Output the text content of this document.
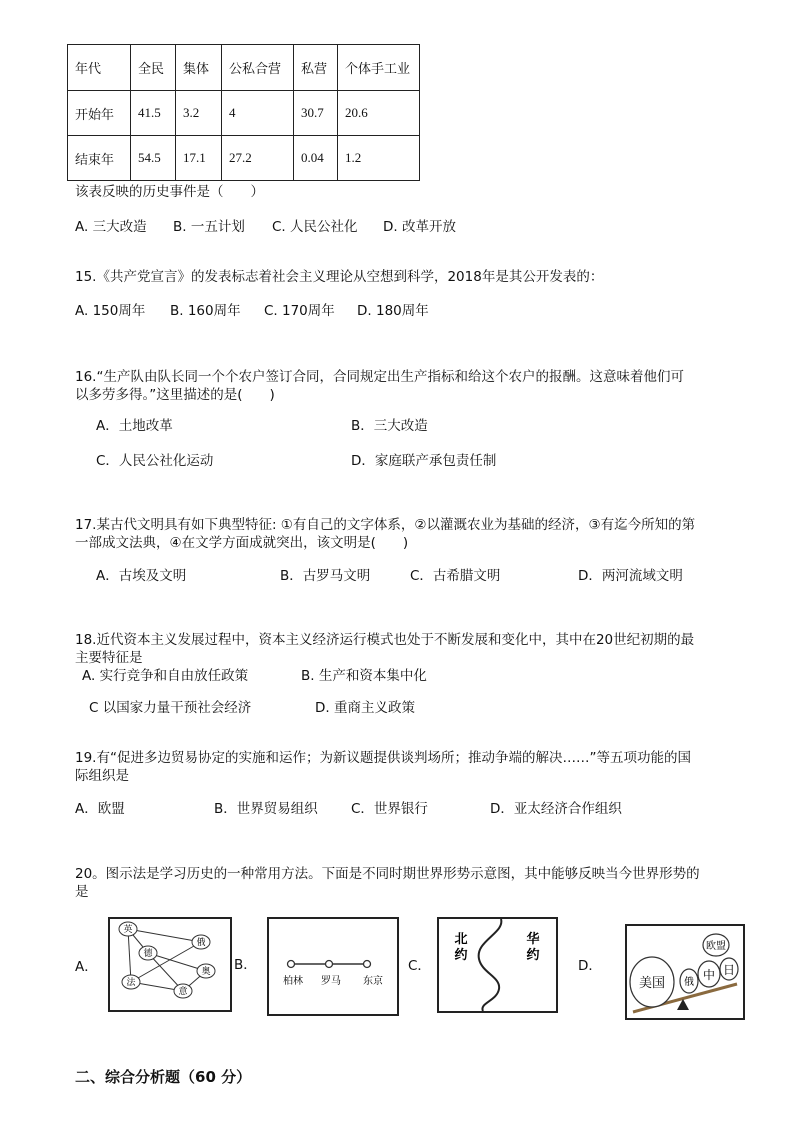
年代	全民	集体	公私合营	私营	个体手工业
开始年	41.5	3.2	4	30.7	20.6
结束年	54.5	17.1	27.2	0.04	1.2
该表反映的历史事件是（　　）
A. 三大改造 B. 一五计划 C. 人民公社化 D. 改革开放
15.《共产党宣言》的发表标志着社会主义理论从空想到科学，2018年是其公开发表的：
A. 150周年 B. 160周年 C. 170周年 D. 180周年
16.“生产队由队长同一个个农户签订合同，合同规定出生产指标和给这个农户的报酬。这意味着他们可
以多劳多得。”这里描述的是(　　)
A．土地改革	B．三大改造
C．人民公社化运动	D．家庭联产承包责任制
17.某古代文明具有如下典型特征: ①有自己的文字体系，②以灌溉农业为基础的经济，③有迄今所知的第
一部成文法典，④在文学方面成就突出，该文明是(　　)
A．古埃及文明	B．古罗马文明	C．古希腊文明	D．两河流域文明
18.近代资本主义发展过程中，资本主义经济运行模式也处于不断发展和变化中，其中在20世纪初期的最
主要特征是
A. 实行竞争和自由放任政策	B. 生产和资本集中化
C 以国家力量干预社会经济	D. 重商主义政策
19.有“促进多边贸易协定的实施和运作；为新议题提供谈判场所；推动争端的解决……”等五项功能的国
际组织是
A．欧盟	B．世界贸易组织 C．世界银行	D．亚太经济合作组织
20。图示法是学习历史的一种常用方法。下面是不同时期世界形势示意图，其中能够反映当今世界形势的
是
A．	B．	C．	D．
英
俄
德
法
奥
意
柏林 罗马 东京
北
约
华
约
美国 俄
中
欧盟
日
二、综合分析题（60 分）
